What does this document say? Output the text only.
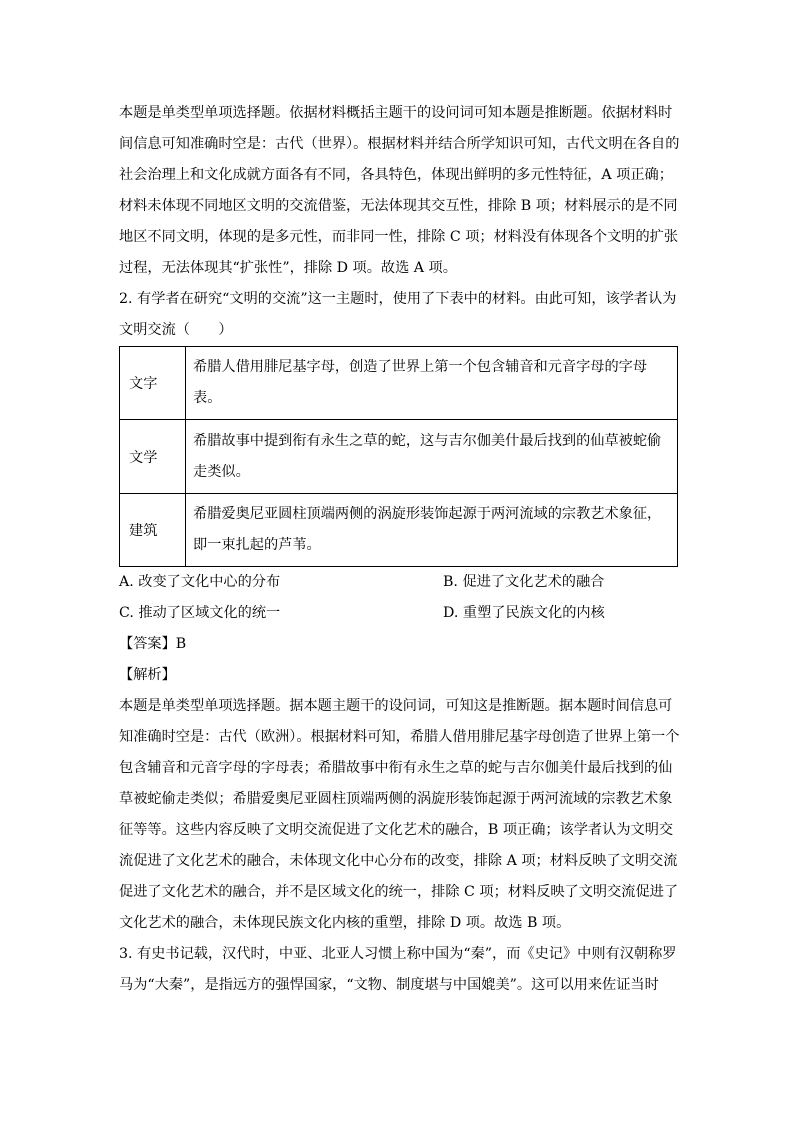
本题是单类型单项选择题。依据材料概括主题干的设问词可知本题是推断题。依据材料时
间信息可知准确时空是：古代（世界）。根据材料并结合所学知识可知，古代文明在各自的
社会治理上和文化成就方面各有不同，各具特色，体现出鲜明的多元性特征，A 项正确；
材料未体现不同地区文明的交流借鉴，无法体现其交互性，排除 B 项；材料展示的是不同
地区不同文明，体现的是多元性，而非同一性，排除 C 项；材料没有体现各个文明的扩张
过程，无法体现其“扩张性”，排除 D 项。故选 A 项。
2. 有学者在研究“文明的交流”这一主题时，使用了下表中的材料。由此可知，该学者认为
文明交流（　　）
文字	希腊人借用腓尼基字母，创造了世界上第一个包含辅音和元音字母的字母
表。

文学	希腊故事中提到衔有永生之草的蛇，这与吉尔伽美什最后找到的仙草被蛇偷
走类似。

建筑	希腊爱奥尼亚圆柱顶端两侧的涡旋形装饰起源于两河流域的宗教艺术象征，
即一束扎起的芦苇。
A. 改变了文化中心的分布	B. 促进了文化艺术的融合
C. 推动了区域文化的统一	D. 重塑了民族文化的内核
【答案】B
【解析】
本题是单类型单项选择题。据本题主题干的设问词，可知这是推断题。据本题时间信息可
知准确时空是：古代（欧洲）。根据材料可知，希腊人借用腓尼基字母创造了世界上第一个
包含辅音和元音字母的字母表；希腊故事中衔有永生之草的蛇与吉尔伽美什最后找到的仙
草被蛇偷走类似；希腊爱奥尼亚圆柱顶端两侧的涡旋形装饰起源于两河流域的宗教艺术象
征等等。这些内容反映了文明交流促进了文化艺术的融合，B 项正确；该学者认为文明交
流促进了文化艺术的融合，未体现文化中心分布的改变，排除 A 项；材料反映了文明交流
促进了文化艺术的融合，并不是区域文化的统一，排除 C 项；材料反映了文明交流促进了
文化艺术的融合，未体现民族文化内核的重塑，排除 D 项。故选 B 项。
3. 有史书记载，汉代时，中亚、北亚人习惯上称中国为“秦”，而《史记》中则有汉朝称罗
马为“大秦”，是指远方的强悍国家，“文物、制度堪与中国媲美”。这可以用来佐证当时
